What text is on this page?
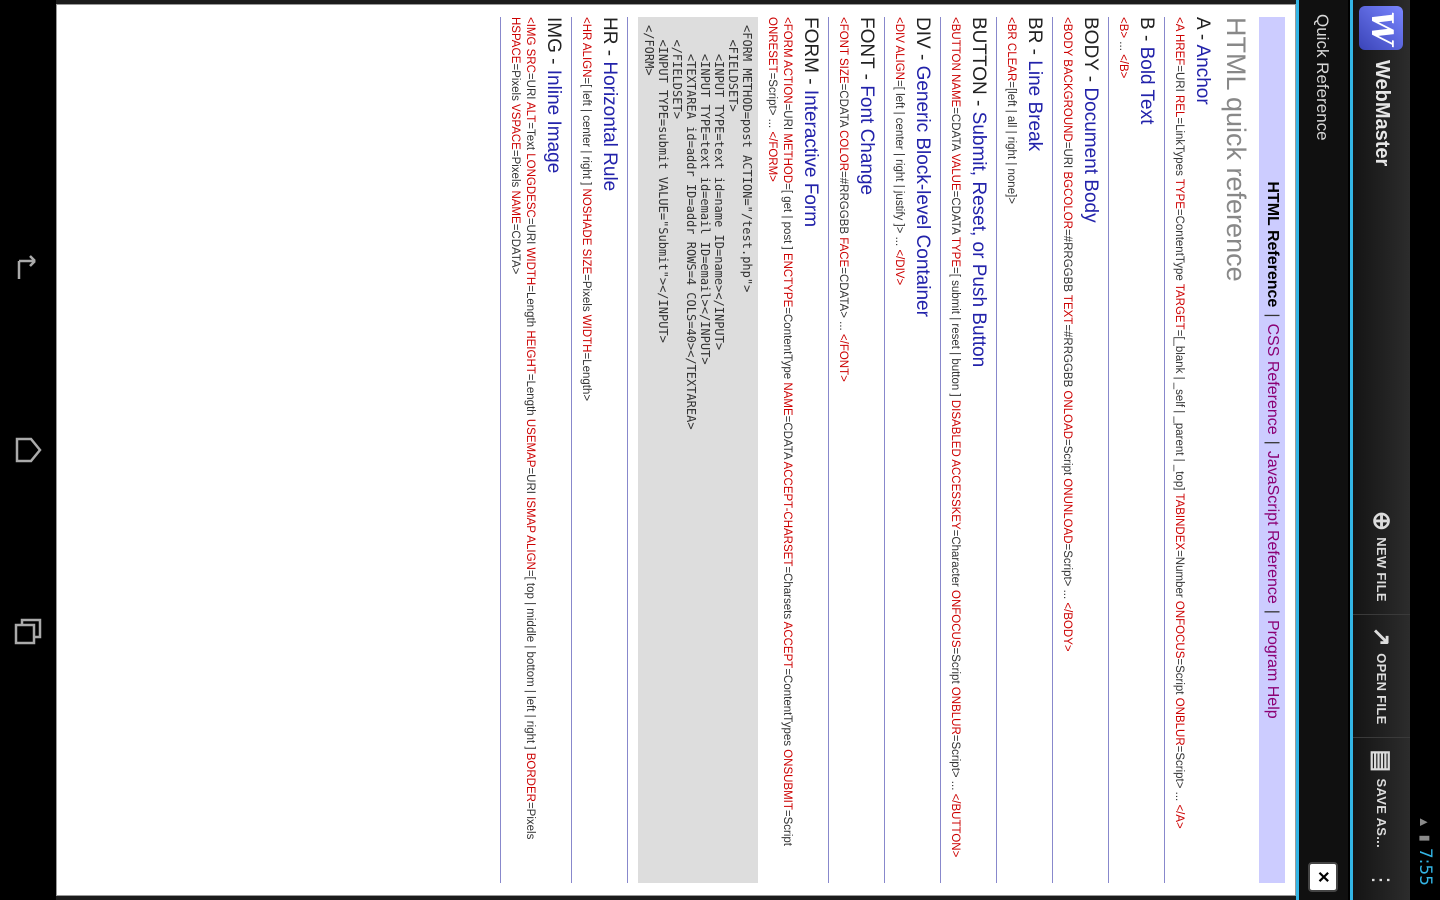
▲
▮
7:55
W
WebMaster
⊕
NEW FILE
↗
OPEN FILE
▤
SAVE AS...
⋮
Quick Reference
×
HTML Reference
|
CSS Reference
|
JavaScript Reference
|
Program Help
HTML quick reference
A - Anchor
<A HREF=URI REL=LinkTypes TYPE=ContentType TARGET=[_blank | _self | _parent | _top] TABINDEX=Number ONFOCUS=Script ONBLUR=Script> ... </A>
B - Bold Text
<B> ... </B>
BODY - Document Body
<BODY BACKGROUND=URI BGCOLOR=#RRGGBB TEXT=#RRGGBB ONLOAD=Script ONUNLOAD=Script> ... </BODY>
BR - Line Break
<BR CLEAR=[left | all | right | none]>
BUTTON - Submit, Reset, or Push Button
<BUTTON NAME=CDATA VALUE=CDATA TYPE=[ submit | reset | button ] DISABLED ACCESSKEY=Character ONFOCUS=Script ONBLUR=Script> ... </BUTTON>
DIV - Generic Block-level Container
<DIV ALIGN=[ left | center | right | justify ]> ... </DIV>
FONT - Font Change
<FONT SIZE=CDATA COLOR=#RRGGBB FACE=CDATA> ... </FONT>
FORM - Interactive Form
<FORM ACTION=URI METHOD=[ get | post ] ENCTYPE=ContentType NAME=CDATA ACCEPT-CHARSET=Charsets ACCEPT=ContentTypes ONSUBMIT=Script ONRESET=Script> ... </FORM>
<FORM METHOD=post ACTION="/test.php">
<FIELDSET>
<INPUT TYPE=text id=name ID=name></INPUT>
<INPUT TYPE=text id=email ID=email></INPUT>
<TEXTAREA id=addr ID=addr ROWS=4 COLS=40></TEXTAREA>
</FIELDSET>
<INPUT TYPE=submit VALUE="Submit"></INPUT>
</FORM>
HR - Horizontal Rule
<HR ALIGN=[ left | center | right ] NOSHADE SIZE=Pixels WIDTH=Length>
IMG - Inline Image
<IMG SRC=URI ALT=Text LONGDESC=URI WIDTH=Length HEIGHT=Length USEMAP=URI ISMAP ALIGN=[ top | middle | bottom | left | right ] BORDER=Pixels HSPACE=Pixels VSPACE=Pixels NAME=CDATA>
